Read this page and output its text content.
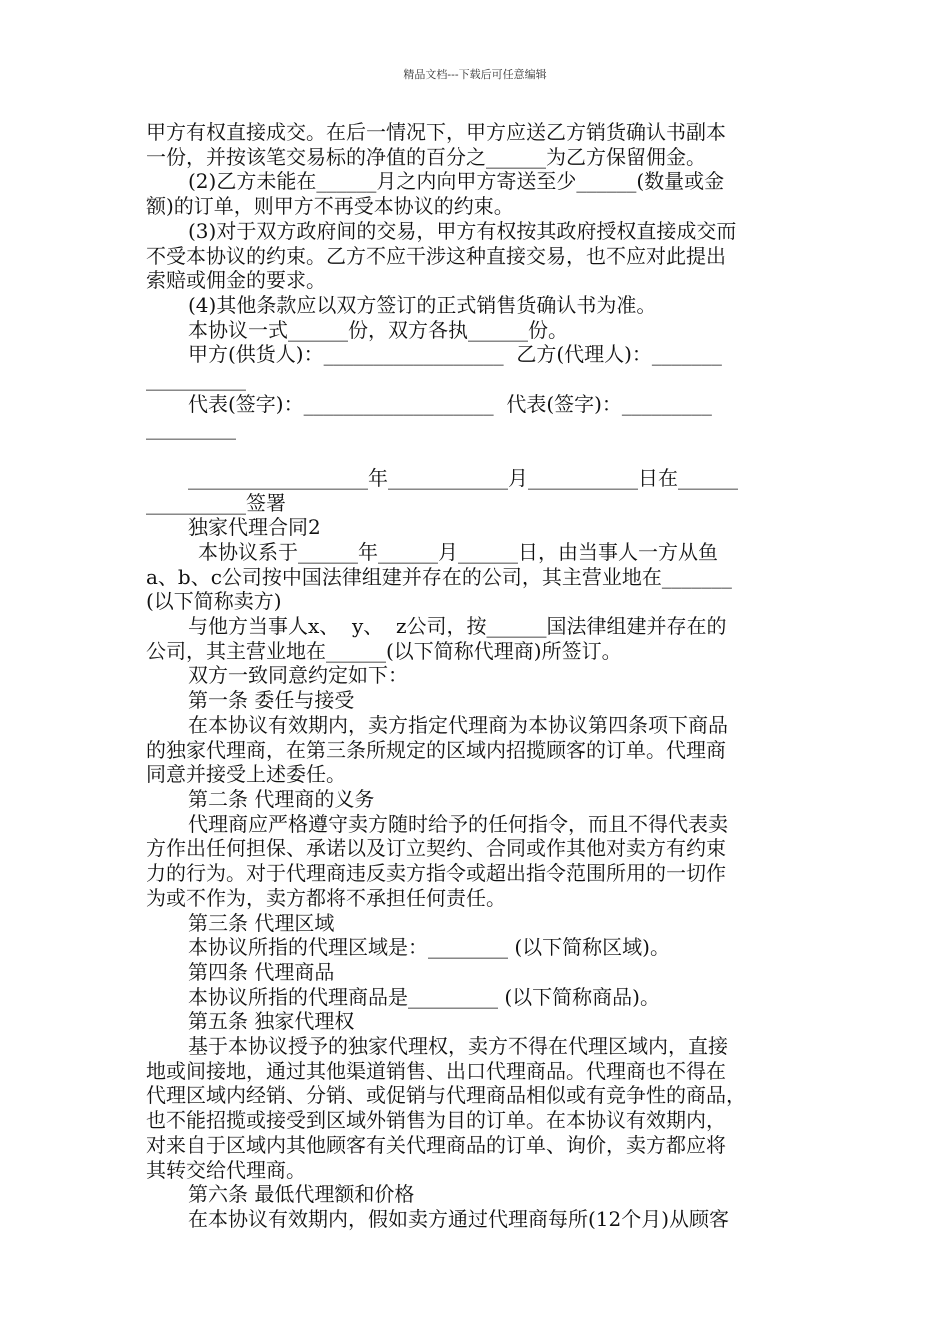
精品文档---下载后可任意编辑
甲方有权直接成交。在后一情况下，甲方应送乙方销货确认书副本
一份，并按该笔交易标的净值的百分之______为乙方保留佣金。
(2)乙方未能在______月之内向甲方寄送至少______(数量或金
额)的订单，则甲方不再受本协议的约束。
(3)对于双方政府间的交易，甲方有权按其政府授权直接成交而
不受本协议的约束。乙方不应干涉这种直接交易，也不应对此提出
索赔或佣金的要求。
(4)其他条款应以双方签订的正式销售货确认书为准。
本协议一式______份，双方各执______份。
甲方(供货人)：__________________  乙方(代理人)：_______
__________
代表(签字)：___________________  代表(签字)：_________
_________

__________________年____________月___________日在______
__________签署
独家代理合同2
本协议系于______年______月______日，由当事人一方从鱼
a、b、c公司按中国法律组建并存在的公司，其主营业地在_______
(以下简称卖方)
与他方当事人x、  y、  z公司，按______国法律组建并存在的
公司，其主营业地在______(以下简称代理商)所签订。
双方一致同意约定如下：
第一条 委任与接受
在本协议有效期内，卖方指定代理商为本协议第四条项下商品
的独家代理商，在第三条所规定的区域内招揽顾客的订单。代理商
同意并接受上述委任。
第二条 代理商的义务
代理商应严格遵守卖方随时给予的任何指令，而且不得代表卖
方作出任何担保、承诺以及订立契约、合同或作其他对卖方有约束
力的行为。对于代理商违反卖方指令或超出指令范围所用的一切作
为或不作为，卖方都将不承担任何责任。
第三条 代理区域
本协议所指的代理区域是：________ (以下简称区域)。
第四条 代理商品
本协议所指的代理商品是_________ (以下简称商品)。
第五条 独家代理权
基于本协议授予的独家代理权，卖方不得在代理区域内，直接
地或间接地，通过其他渠道销售、出口代理商品。代理商也不得在
代理区域内经销、分销、或促销与代理商品相似或有竞争性的商品，
也不能招揽或接受到区域外销售为目的订单。在本协议有效期内，
对来自于区域内其他顾客有关代理商品的订单、询价，卖方都应将
其转交给代理商。
第六条 最低代理额和价格
在本协议有效期内，假如卖方通过代理商每所(12个月)从顾客
